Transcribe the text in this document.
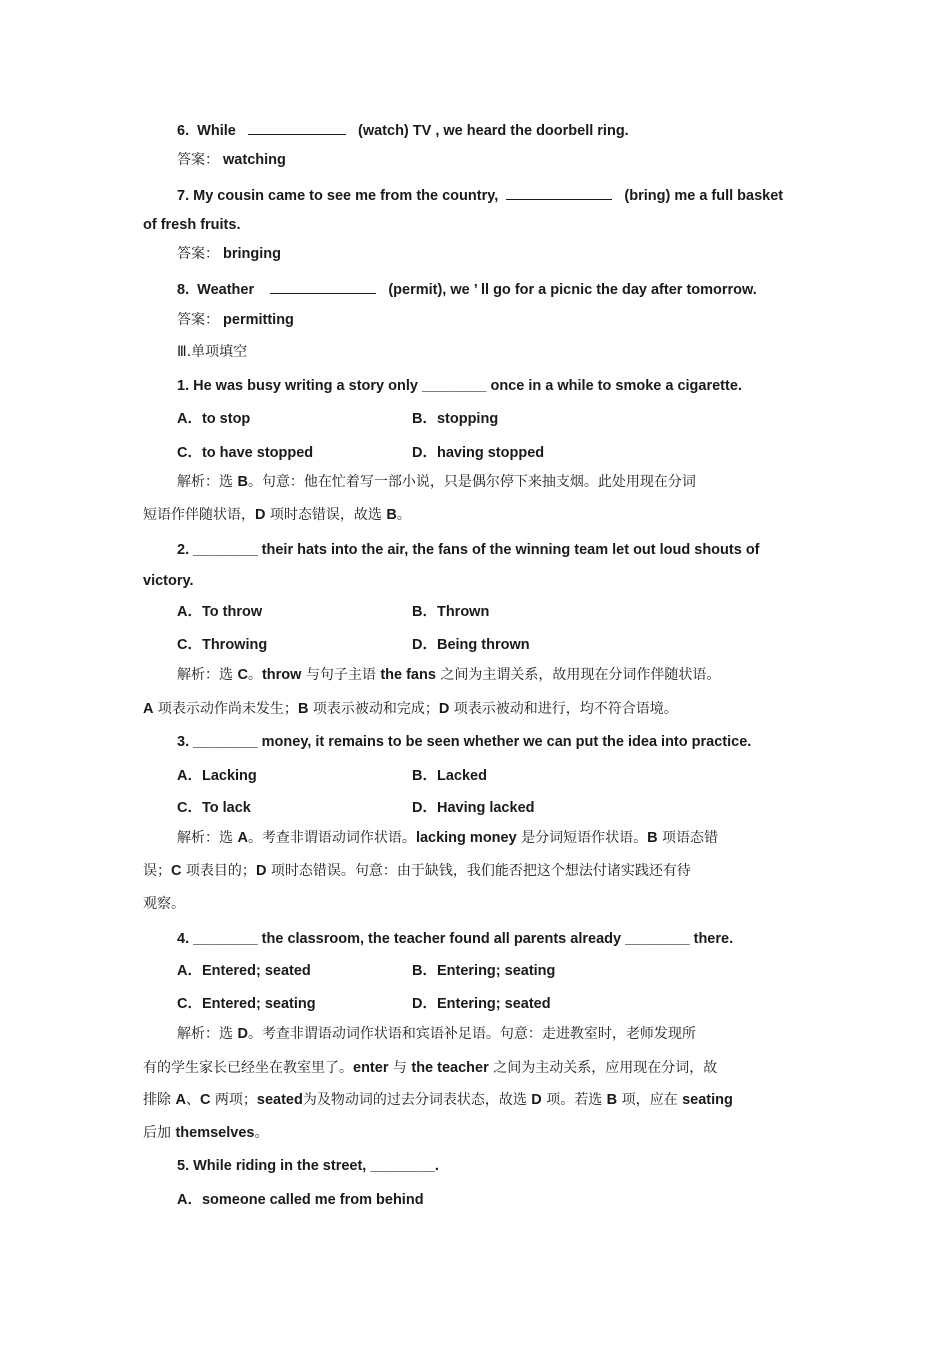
6. While	(watch) TV , we heard the doorbell ring.
答案： watching
7. My cousin came to see me from the country,	(bring) me a full basket
of fresh fruits.
答案： bringing
8. Weather	(permit), we ’ ll go for a picnic the day after tomorrow.
答案： permitting
Ⅲ.单项填空
1. He was busy writing a story only ________ once in a while to smoke a cigarette.
A．to stop	B．stopping
C．to have stopped	D．having stopped
解析：选 B。句意：他在忙着写一部小说，只是偶尔停下来抽支烟。此处用现在分词
短语作伴随状语，D 项时态错误，故选 B。
2. ________ their hats into the air, the fans of the winning team let out loud shouts of
victory.
A．To throw	B．Thrown
C．Throwing	D．Being thrown
解析：选 C。throw 与句子主语 the fans 之间为主谓关系，故用现在分词作伴随状语。
A 项表示动作尚未发生；B 项表示被动和完成；D 项表示被动和进行，均不符合语境。
3. ________ money, it remains to be seen whether we can put the idea into practice.
A．Lacking	B．Lacked
C．To lack	D．Having lacked
解析：选 A。考查非谓语动词作状语。lacking money 是分词短语作状语。B 项语态错
误；C 项表目的；D 项时态错误。句意：由于缺钱，我们能否把这个想法付诸实践还有待
观察。
4. ________ the classroom, the teacher found all parents already ________ there.
A．Entered; seated	B．Entering; seating
C．Entered; seating	D．Entering; seated
解析：选 D。考查非谓语动词作状语和宾语补足语。句意：走进教室时，老师发现所
有的学生家长已经坐在教室里了。enter 与 the teacher 之间为主动关系，应用现在分词，故
排除 A、C 两项；seated为及物动词的过去分词表状态，故选 D 项。若选 B 项，应在 seating
后加 themselves。
5. While riding in the street, ________.
A．someone called me from behind
